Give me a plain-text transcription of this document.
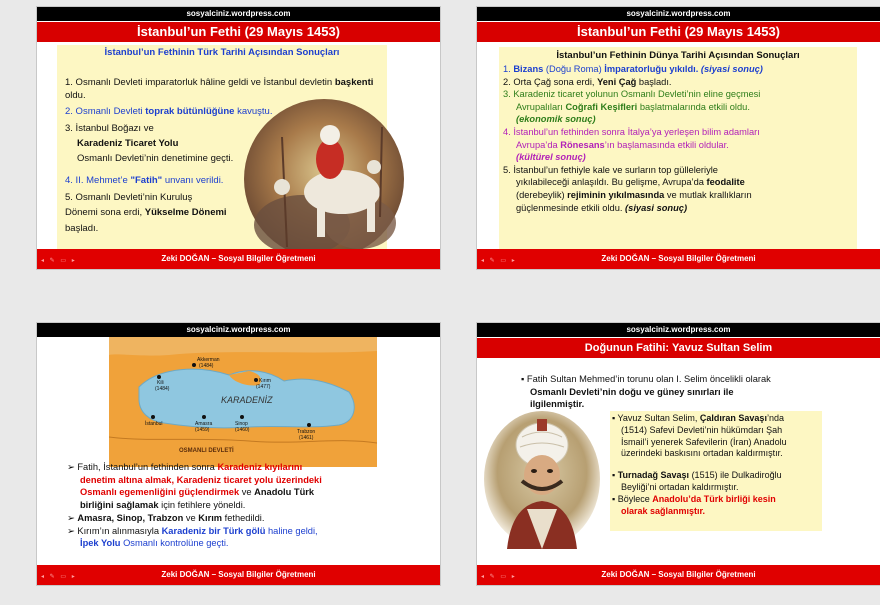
sosyalciniz.wordpress.com
İstanbul’un Fethi (29 Mayıs 1453)
İstanbul’un Fethinin Türk Tarihi Açısından Sonuçları
1. Osmanlı Devleti imparatorluk hâline geldi ve İstanbul devletin başkenti oldu.
2. Osmanlı Devleti toprak bütünlüğüne kavuştu.
3. İstanbul Boğazı ve
Karadeniz Ticaret Yolu
Osmanlı Devleti’nin denetimine geçti.
4. II. Mehmet’e "Fatih" unvanı verildi.
5. Osmanlı Devleti’nin Kuruluş
Dönemi sona erdi, Yükselme Dönemi
başladı.
Zeki DOĞAN – Sosyal Bilgiler Öğretmeni
◂ ✎ ▭ ▸
sosyalciniz.wordpress.com
İstanbul’un Fethi (29 Mayıs 1453)
İstanbul’un Fethinin Dünya Tarihi Açısından Sonuçları
1. Bizans (Doğu Roma) İmparatorluğu yıkıldı. (siyasi sonuç)
2. Orta Çağ sona erdi, Yeni Çağ başladı.
3. Karadeniz ticaret yolunun Osmanlı Devleti’nin eline geçmesi
Avrupalıları Coğrafi Keşifleri başlatmalarında etkili oldu.
(ekonomik sonuç)
4. İstanbul’un fethinden sonra İtalya’ya yerleşen bilim adamları
Avrupa’da Rönesans’ın başlamasında etkili oldular.
(kültürel sonuç)
5. İstanbul’un fethiyle kale ve surların top gülleleriyle
yıkılabileceği anlaşıldı. Bu gelişme, Avrupa’da feodalite
(derebeylik) rejiminin yıkılmasında ve mutlak krallıkların
güçlenmesinde etkili oldu. (siyasi sonuç)
Zeki DOĞAN – Sosyal Bilgiler Öğretmeni
◂ ✎ ▭ ▸
sosyalciniz.wordpress.com
Akkerman
(1484)
Kili
(1484)
Kırım
(1477)
KARADENİZ
İstanbul	Amasra
(1459)
Sinop
(1460)	Trabzon
(1461)
OSMANLI DEVLETİ
➢ Fatih, İstanbul’un fethinden sonra Karadeniz kıyılarını
denetim altına almak, Karadeniz ticaret yolu üzerindeki
Osmanlı egemenliğini güçlendirmek ve Anadolu Türk
birliğini sağlamak için fetihlere yöneldi.
➢ Amasra, Sinop, Trabzon ve Kırım fethedildi.
➢ Kırım’ın alınmasıyla Karadeniz bir Türk gölü haline geldi,
İpek Yolu Osmanlı kontrolüne geçti.
Zeki DOĞAN – Sosyal Bilgiler Öğretmeni
◂ ✎ ▭ ▸
sosyalciniz.wordpress.com
Doğunun Fatihi: Yavuz Sultan Selim
▪ Fatih Sultan Mehmed’in torunu olan I. Selim öncelikli olarak
Osmanlı Devleti’nin doğu ve güney sınırları ile
ilgilenmiştir.
▪ Yavuz Sultan Selim, Çaldıran Savaşı’nda
(1514) Safevi Devleti’nin hükümdarı Şah
İsmail’i yenerek Safevilerin (İran) Anadolu
üzerindeki baskısını ortadan kaldırmıştır.
▪ Turnadağ Savaşı (1515) ile Dulkadiroğlu
Beyliği’ni ortadan kaldırmıştır.
▪ Böylece Anadolu’da Türk birliği kesin
olarak sağlanmıştır.
Zeki DOĞAN – Sosyal Bilgiler Öğretmeni
◂ ✎ ▭ ▸
